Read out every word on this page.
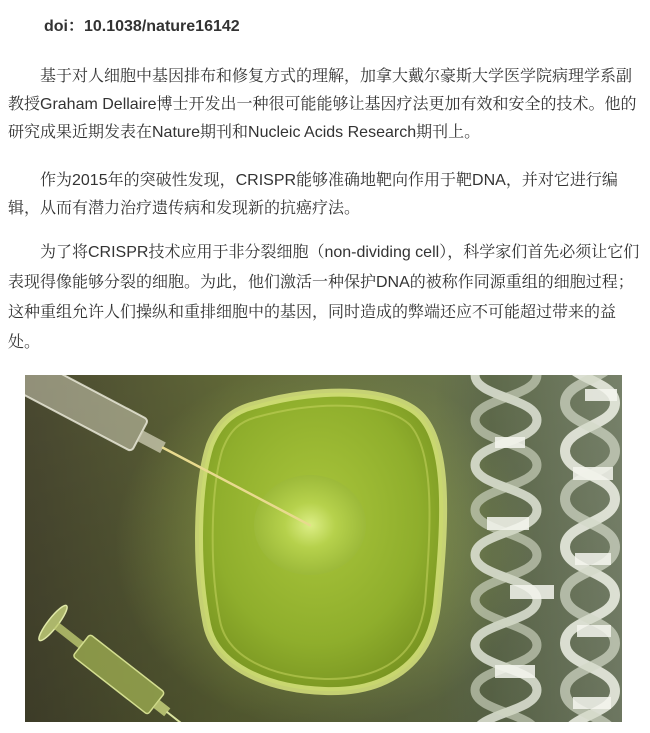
doi：10.1038/nature16142

基于对人细胞中基因排布和修复方式的理解，加拿大戴尔豪斯大学医学院病理学系副教授Graham Dellaire博士开发出一种很可能能够让基因疗法更加有效和安全的技术。他的研究成果近期发表在Nature期刊和Nucleic Acids Research期刊上。

作为2015年的突破性发现，CRISPR能够准确地靶向作用于靶DNA，并对它进行编辑，从而有潜力治疗遗传病和发现新的抗癌疗法。

为了将CRISPR技术应用于非分裂细胞（non-dividing cell），科学家们首先必须让它们表现得像能够分裂的细胞。为此，他们激活一种保护DNA的被称作同源重组的细胞过程；这种重组允许人们操纵和重排细胞中的基因，同时造成的弊端还应不可能超过带来的益处。
